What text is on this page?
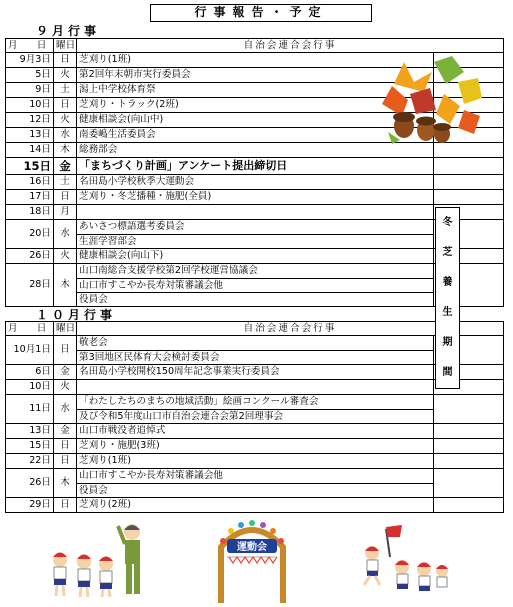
行事報告・予定
９月行事
月　　日	曜日	自治会連合会行事	
9月3日	日	芝刈り(1班)	

5日	火	第2回年末朝市実行委員会	

9日	土	潟上中学校体育祭	

10日	日	芝刈り・トラック(2班)	

12日	火	健康相談会(向山中)	

13日	水	南委嶋生活委員会	

14日	木	総務部会	

15日	金	「まちづくり計画」アンケート提出締切日	

16日	土	名田島小学校秋季大運動会	

17日	日	芝刈り・冬芝播種・施肥(全員)	

18日	月	

20日	水	あいさつ標語選考委員会
生涯学習部会	

26日	火	健康相談会(向山下)	

28日	木	山口南総合支援学校第2回学校運営協議会
山口市すこやか長寿対策審議会他
役員会	

１０月行事
月　　日	曜日	自治会連合会行事	
10月1日	日	敬老会
第3回地区民体育大会検討委員会	

6日	金	名田島小学校開校150周年記念事業実行委員会	

10日	火	

11日	水	「わたしたちのまちの地域活動」絵画コンクール審査会
及び令和5年度山口市自治会連合会第2回理事会	

13日	金	山口市戦没者追悼式	

15日	日	芝刈り・施肥(3班)	

22日	日	芝刈り(1班)	

26日	木	山口市すこやか長寿対策審議会他
役員会	

29日	日	芝刈り(2班)	

冬
芝
養
生
期
間
運動会
